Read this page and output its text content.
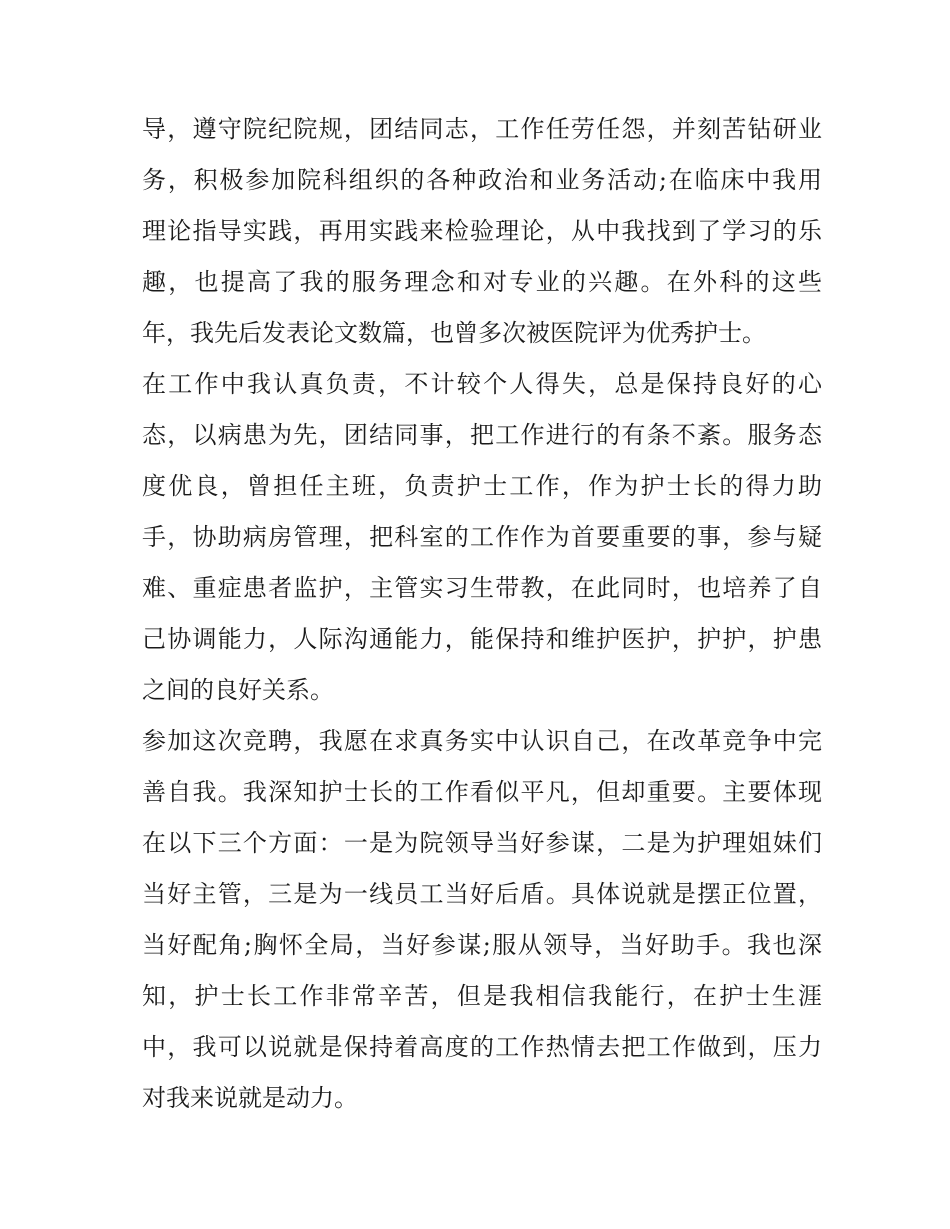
导，遵守院纪院规，团结同志，工作任劳任怨，并刻苦钻研业
务，积极参加院科组织的各种政治和业务活动;在临床中我用
理论指导实践，再用实践来检验理论，从中我找到了学习的乐
趣，也提高了我的服务理念和对专业的兴趣。在外科的这些
年，我先后发表论文数篇，也曾多次被医院评为优秀护士。
在工作中我认真负责，不计较个人得失，总是保持良好的心
态，以病患为先，团结同事，把工作进行的有条不紊。服务态
度优良，曾担任主班，负责护士工作，作为护士长的得力助
手，协助病房管理，把科室的工作作为首要重要的事，参与疑
难、重症患者监护，主管实习生带教，在此同时，也培养了自
己协调能力，人际沟通能力，能保持和维护医护，护护，护患
之间的良好关系。
参加这次竞聘，我愿在求真务实中认识自己，在改革竞争中完
善自我。我深知护士长的工作看似平凡，但却重要。主要体现
在以下三个方面：一是为院领导当好参谋，二是为护理姐妹们
当好主管，三是为一线员工当好后盾。具体说就是摆正位置，
当好配角;胸怀全局，当好参谋;服从领导，当好助手。我也深
知，护士长工作非常辛苦，但是我相信我能行，在护士生涯
中，我可以说就是保持着高度的工作热情去把工作做到，压力
对我来说就是动力。
